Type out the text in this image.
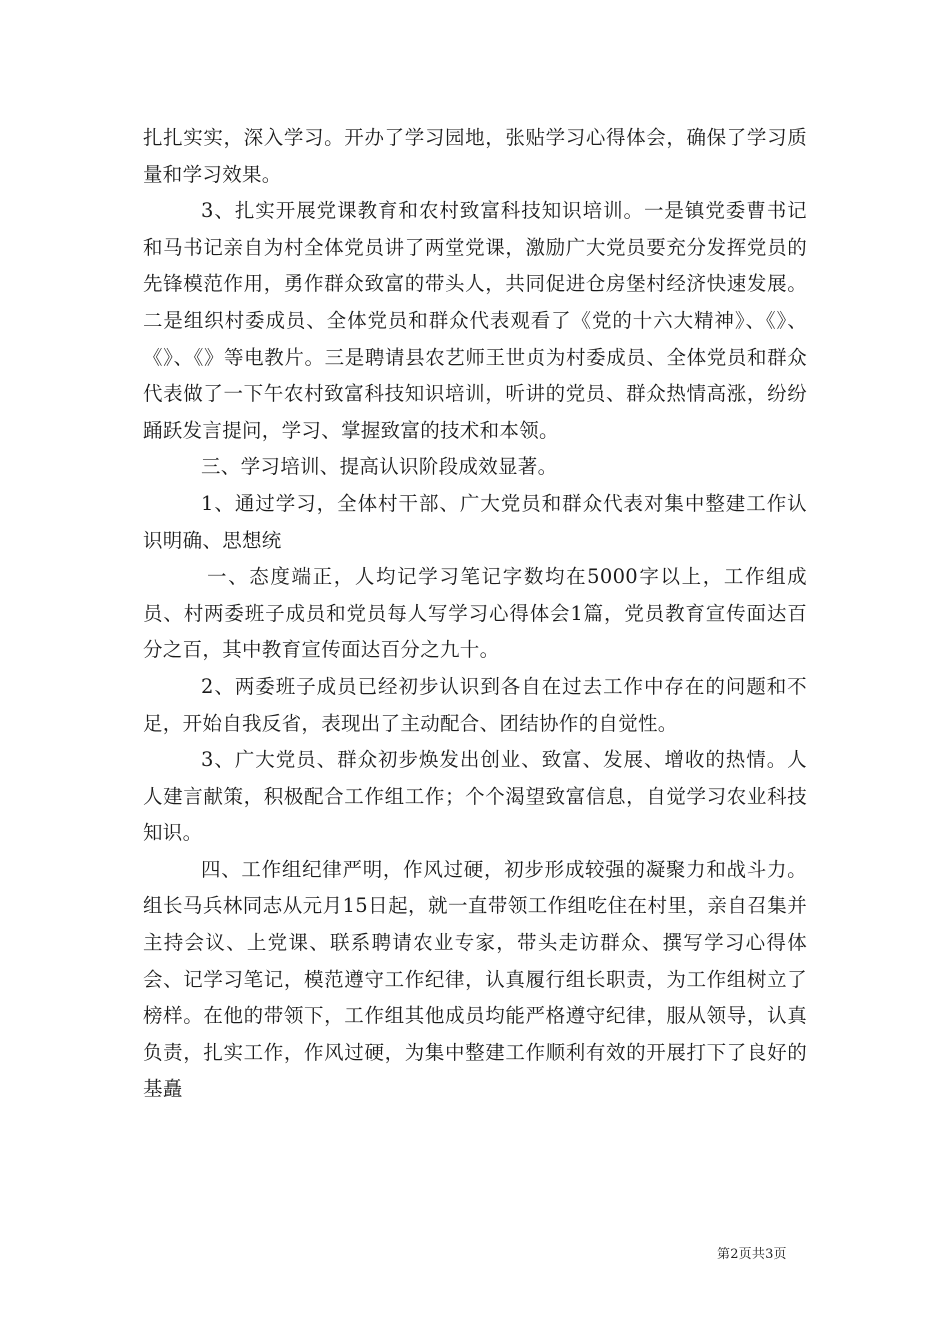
扎扎实实，深入学习。开办了学习园地，张贴学习心得体会，确保了学习质量和学习效果。

3、扎实开展党课教育和农村致富科技知识培训。一是镇党委曹书记和马书记亲自为村全体党员讲了两堂党课，激励广大党员要充分发挥党员的先锋模范作用，勇作群众致富的带头人，共同促进仓房堡村经济快速发展。二是组织村委成员、全体党员和群众代表观看了《党的十六大精神》、《》、《》、《》等电教片。三是聘请县农艺师王世贞为村委成员、全体党员和群众代表做了一下午农村致富科技知识培训，听讲的党员、群众热情高涨，纷纷踊跃发言提问，学习、掌握致富的技术和本领。

三、学习培训、提高认识阶段成效显著。

1、通过学习，全体村干部、广大党员和群众代表对集中整建工作认识明确、思想统

一、态度端正，人均记学习笔记字数均在5000字以上，工作组成员、村两委班子成员和党员每人写学习心得体会1篇，党员教育宣传面达百分之百，其中教育宣传面达百分之九十。

2、两委班子成员已经初步认识到各自在过去工作中存在的问题和不足，开始自我反省，表现出了主动配合、团结协作的自觉性。

3、广大党员、群众初步焕发出创业、致富、发展、增收的热情。人人建言献策，积极配合工作组工作；个个渴望致富信息，自觉学习农业科技知识。

四、工作组纪律严明，作风过硬，初步形成较强的凝聚力和战斗力。组长马兵林同志从元月15日起，就一直带领工作组吃住在村里，亲自召集并主持会议、上党课、联系聘请农业专家，带头走访群众、撰写学习心得体会、记学习笔记，模范遵守工作纪律，认真履行组长职责，为工作组树立了榜样。在他的带领下，工作组其他成员均能严格遵守纪律，服从领导，认真负责，扎实工作，作风过硬，为集中整建工作顺利有效的开展打下了良好的基矗

第2页共3页
